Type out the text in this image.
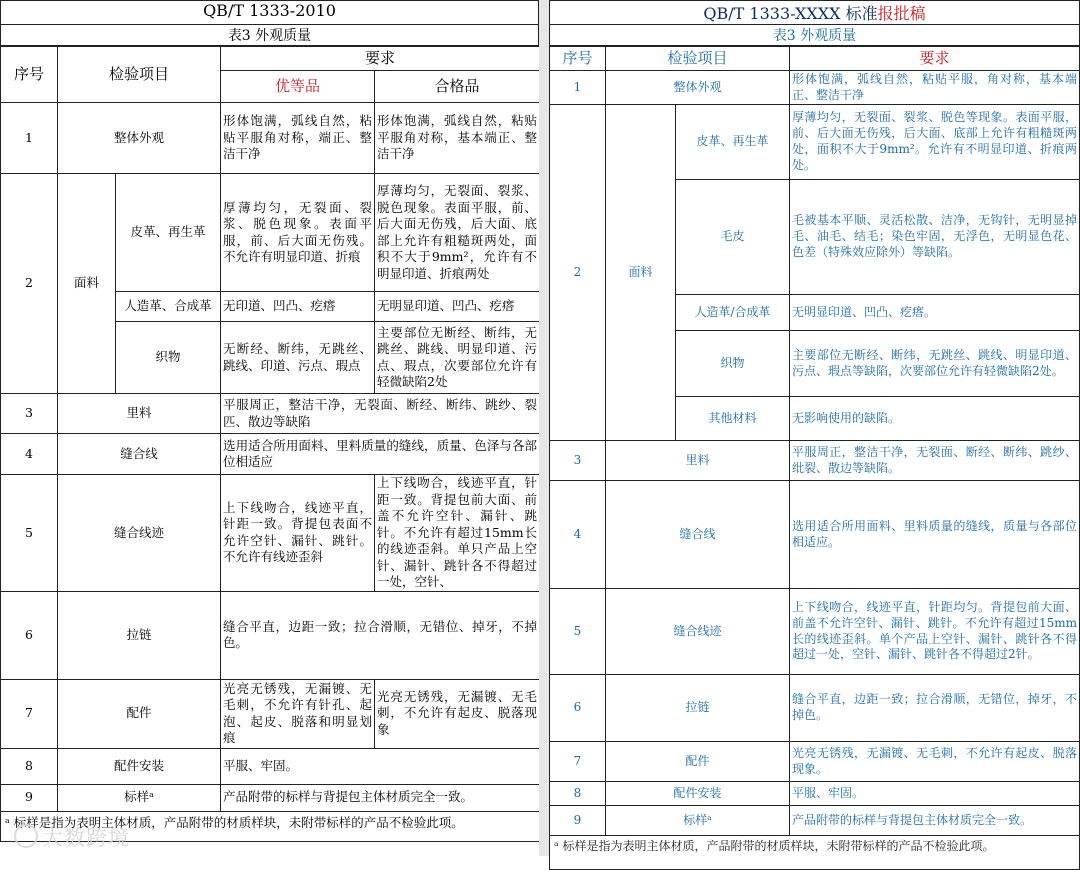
QB/T 1333-2010
表3 外观质量
序号	检验项目		要求	
			优等品	合格品
1	整体外观		形体饱满，弧线自然，粘贴平服角对称，端正、整洁干净	形体饱满，弧线自然，粘贴平服角对称，基本端正、整洁干净
2	面料	皮革、再生革	厚薄均匀，无裂面、裂浆、脱色现象。表面平服，前、后大面无伤残。不允许有明显印道、折痕	厚薄均匀，无裂面、裂浆、脱色现象。表面平服，前、后大面无伤残，后大面、底部上允许有粗糙斑两处，面积不大于9mm²，允许有不明显印道、折痕两处
		人造革、合成革	无印道、凹凸、疙瘩	无明显印道、凹凸、疙瘩
		织物	无断经、断纬，无跳丝、跳线、印道、污点、瑕点	主要部位无断经、断纬，无跳丝、跳线、明显印道、污点、瑕点，次要部位允许有轻微缺陷2处
3	里料		平服周正，整洁干净，无裂面、断经、断纬、跳纱、裂匹、散边等缺陷	
4	缝合线		选用适合所用面料、里料质量的缝线，质量、色泽与各部位相适应	
5	缝合线迹		上下线吻合，线迹平直，针距一致。背提包表面不允许空针、漏针、跳针。不允许有线迹歪斜	上下线吻合，线迹平直，针距一致。背提包前大面、前盖不允许空针、漏针、跳针。不允许有超过15mm长的线迹歪斜。单只产品上空针、漏针、跳针各不得超过一处，空针、
6	拉链		缝合平直，边距一致；拉合滑顺，无错位、掉牙，不掉色。	
7	配件		光亮无锈残，无漏镀、无毛刺，不允许有针孔、起泡、起皮、脱落和明显划痕	光亮无锈残，无漏镀、无毛刺，不允许有起皮、脱落现象
8	配件安装		平服、牢固。	
9	标样ᵃ		产品附带的标样与背提包主体材质完全一致。	
ᵃ 标样是指为表明主体材质，产品附带的材质样块，未附带标样的产品不检验此项。				
QB/T 1333-XXXX 标准报批稿
表3 外观质量
序号	检验项目		要求
1	整体外观		形体饱满，弧线自然，粘贴平服，角对称，基本端正、整洁干净
2	面料	皮革、再生革	厚薄均匀，无裂面、裂浆、脱色等现象。表面平服，前、后大面无伤残，后大面、底部上允许有粗糙斑两处，面积不大于9mm²。允许有不明显印道、折痕两处。
		毛皮	毛被基本平顺、灵活松散、洁净，无钩针，无明显掉毛、油毛、结毛；染色牢固，无浮色，无明显色花、色差（特殊效应除外）等缺陷。
		人造革/合成革	无明显印道、凹凸、疙瘩。
		织物	主要部位无断经、断纬，无跳丝、跳线、明显印道、污点、瑕点等缺陷，次要部位允许有轻微缺陷2处。
		其他材料	无影响使用的缺陷。
3	里料		平服周正，整洁干净，无裂面、断经、断纬、跳纱、纰裂、散边等缺陷。
4	缝合线		选用适合所用面料、里料质量的缝线，质量与各部位相适应。
5	缝合线迹		上下线吻合，线迹平直，针距均匀。背提包前大面、前盖不允许空针、漏针、跳针。不允许有超过15mm长的线迹歪斜。单个产品上空针、漏针、跳针各不得超过一处，空针、漏针、跳针各不得超过2针。
6	拉链		缝合平直，边距一致；拉合滑顺，无错位，掉牙，不掉色。
7	配件		光亮无锈残，无漏镀、无毛刺，不允许有起皮、脱落现象。
8	配件安装		平服、牢固。
9	标样ᵃ		产品附带的标样与背提包主体材质完全一致。
ᵃ 标样是指为表明主体材质，产品附带的材质样块，未附带标样的产品不检验此项。			
大数跨境
